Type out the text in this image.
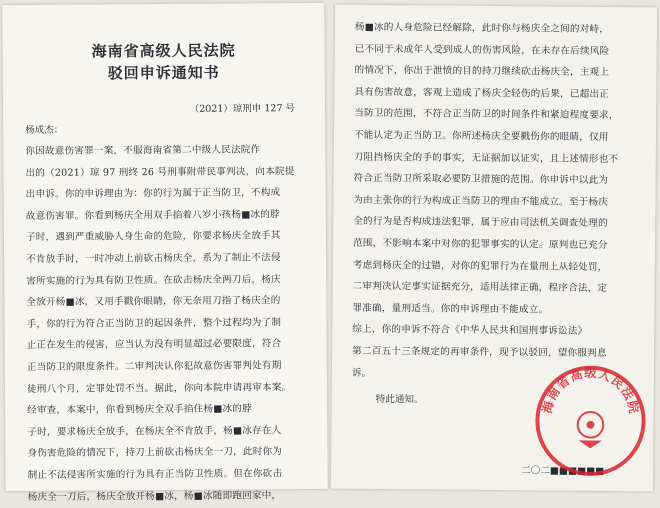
海南省高级人民法院
驳回申诉通知书
（2021）琼刑申 127 号
杨成杰：
你因故意伤害罪一案，不服海南省第二中级人民法院作
出的（2021）琼 97 刑终 26 号刑事附带民事判决，向本院提
出申诉。你的申诉理由为：你的行为属于正当防卫，不构成
故意伤害罪。你看到杨庆全用双手掐着八岁小孩杨■冰的脖
子时，遇到严重威胁人身生命的危险，你要求杨庆全放手其
不肯放手时，一时冲动上前砍击杨庆全，系为了制止不法侵
害所实施的行为具有防卫性质。在砍击杨庆全两刀后，杨庆
全放开杨■冰，又用手戳你眼睛，你无奈用刀指了杨庆全的
手，你的行为符合正当防卫的起因条件，整个过程均为了制
止正在发生的侵害，应当认为没有明显超过必要限度，符合
正当防卫的限度条件。二审判决认你犯故意伤害罪判处有期
徒刑八个月，定罪处罚不当。据此，你向本院申请再审本案。
经审查，本案中，你看到杨庆全双手掐住杨■冰的脖
子时，要求杨庆全放手，在杨庆全不肯放手，杨■冰存在人
身伤害危险的情况下，持刀上前砍击杨庆全一刀，此时你为
制止不法侵害所实施的行为具有正当防卫性质。但在你砍击
杨庆全一刀后，杨庆全放开杨■冰，杨■冰随即跑回家中，
杨■冰的人身危险已经解除，此时你与杨庆全之间的对峙，
已不同于未成年人受到成人的伤害风险，在未存在后续风险
的情况下，你出于泄愤的目的持刀继续砍击杨庆全，主观上
具有伤害故意，客观上造成了杨庆全轻伤的后果，已超出正
当防卫的范围，不符合正当防卫的时间条件和紧迫程度要求，
不能认定为正当防卫。你所述杨庆全要戳伤你的眼睛，仅用
刀阻挡杨庆全的手的事实，无证据加以证实，且上述情形也不
符合正当防卫所采取必要防卫措施的范围。你申诉中以此为
为由主张你的行为构成正当防卫的理由不能成立。至于杨庆
全的行为是否构成违法犯罪，属于应由司法机关调查处理的
范围，不影响本案中对你的犯罪事实的认定。原判也已充分
考虑到杨庆全的过错，对你的犯罪行为在量刑上从轻处罚，
二审判决认定事实证据充分，适用法律正确，程序合法，定
罪准确，量刑适当。你的申诉理由不能成立。
综上，你的申诉不符合《中华人民共和国刑事诉讼法》
第二百五十三条规定的再审条件，现予以驳回，望你服判息
诉。
特此通知。
二〇二■■■■■■
海南省高级人民法院
